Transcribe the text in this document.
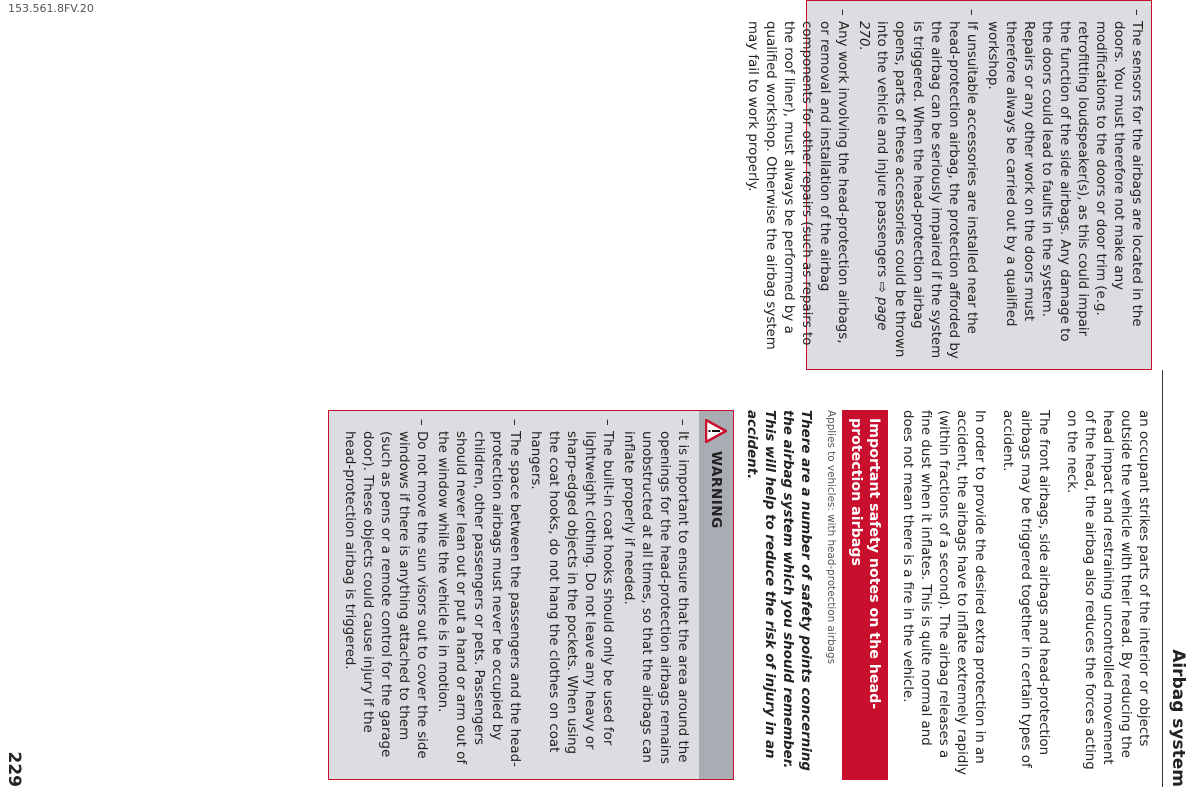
153.561.8FV.20
Airbag system
– The sensors for the airbags are located in the doors. You must therefore not make any modifications to the doors or door trim (e.g. retrofitting loudspeaker(s), as this could impair the function of the side airbags. Any damage to the doors could lead to faults in the system. Repairs or any other work on the doors must therefore always be carried out by a qualified workshop.
– If unsuitable accessories are installed near the head-protection airbag, the protection afforded by the airbag can be seriously impaired if the system is triggered. When the head-protection airbag opens, parts of these accessories could be thrown into the vehicle and injure passengers ⇨ page 270.
– Any work involving the head-protection airbags, or removal and installation of the airbag components for other repairs (such as repairs to the roof liner), must always be performed by a qualified workshop. Otherwise the airbag system may fail to work properly.

an occupant strikes parts of the interior or objects outside the vehicle with their head. By reducing the head impact and restraining uncontrolled movement of the head, the airbag also reduces the forces acting on the neck.

The front airbags, side airbags and head-protection airbags may be triggered together in certain types of accident.

In order to provide the desired extra protection in an accident, the airbags have to inflate extremely rapidly (within fractions of a second). The airbag releases a fine dust when it inflates. This is quite normal and does not mean there is a fire in the vehicle.

Important safety notes on the head-protection airbags
Applies to vehicles: with head-protection airbags
There are a number of safety points concerning the airbag system which you should remember. This will help to reduce the risk of injury in an accident.
WARNING
– It is important to ensure that the area around the openings for the head-protection airbags remains unobstructed at all times, so that the airbags can inflate properly if needed.
– The built-in coat hooks should only be used for lightweight clothing. Do not leave any heavy or sharp-edged objects in the pockets. When using the coat hooks, do not hang the clothes on coat hangers.
– The space between the passengers and the head-protection airbags must never be occupied by children, other passengers or pets. Passengers should never lean out or put a hand or arm out of the window while the vehicle is in motion.
– Do not move the sun visors out to cover the side windows if there is anything attached to them (such as pens or a remote control for the garage door). These objects could cause injury if the head-protection airbag is triggered.
229
